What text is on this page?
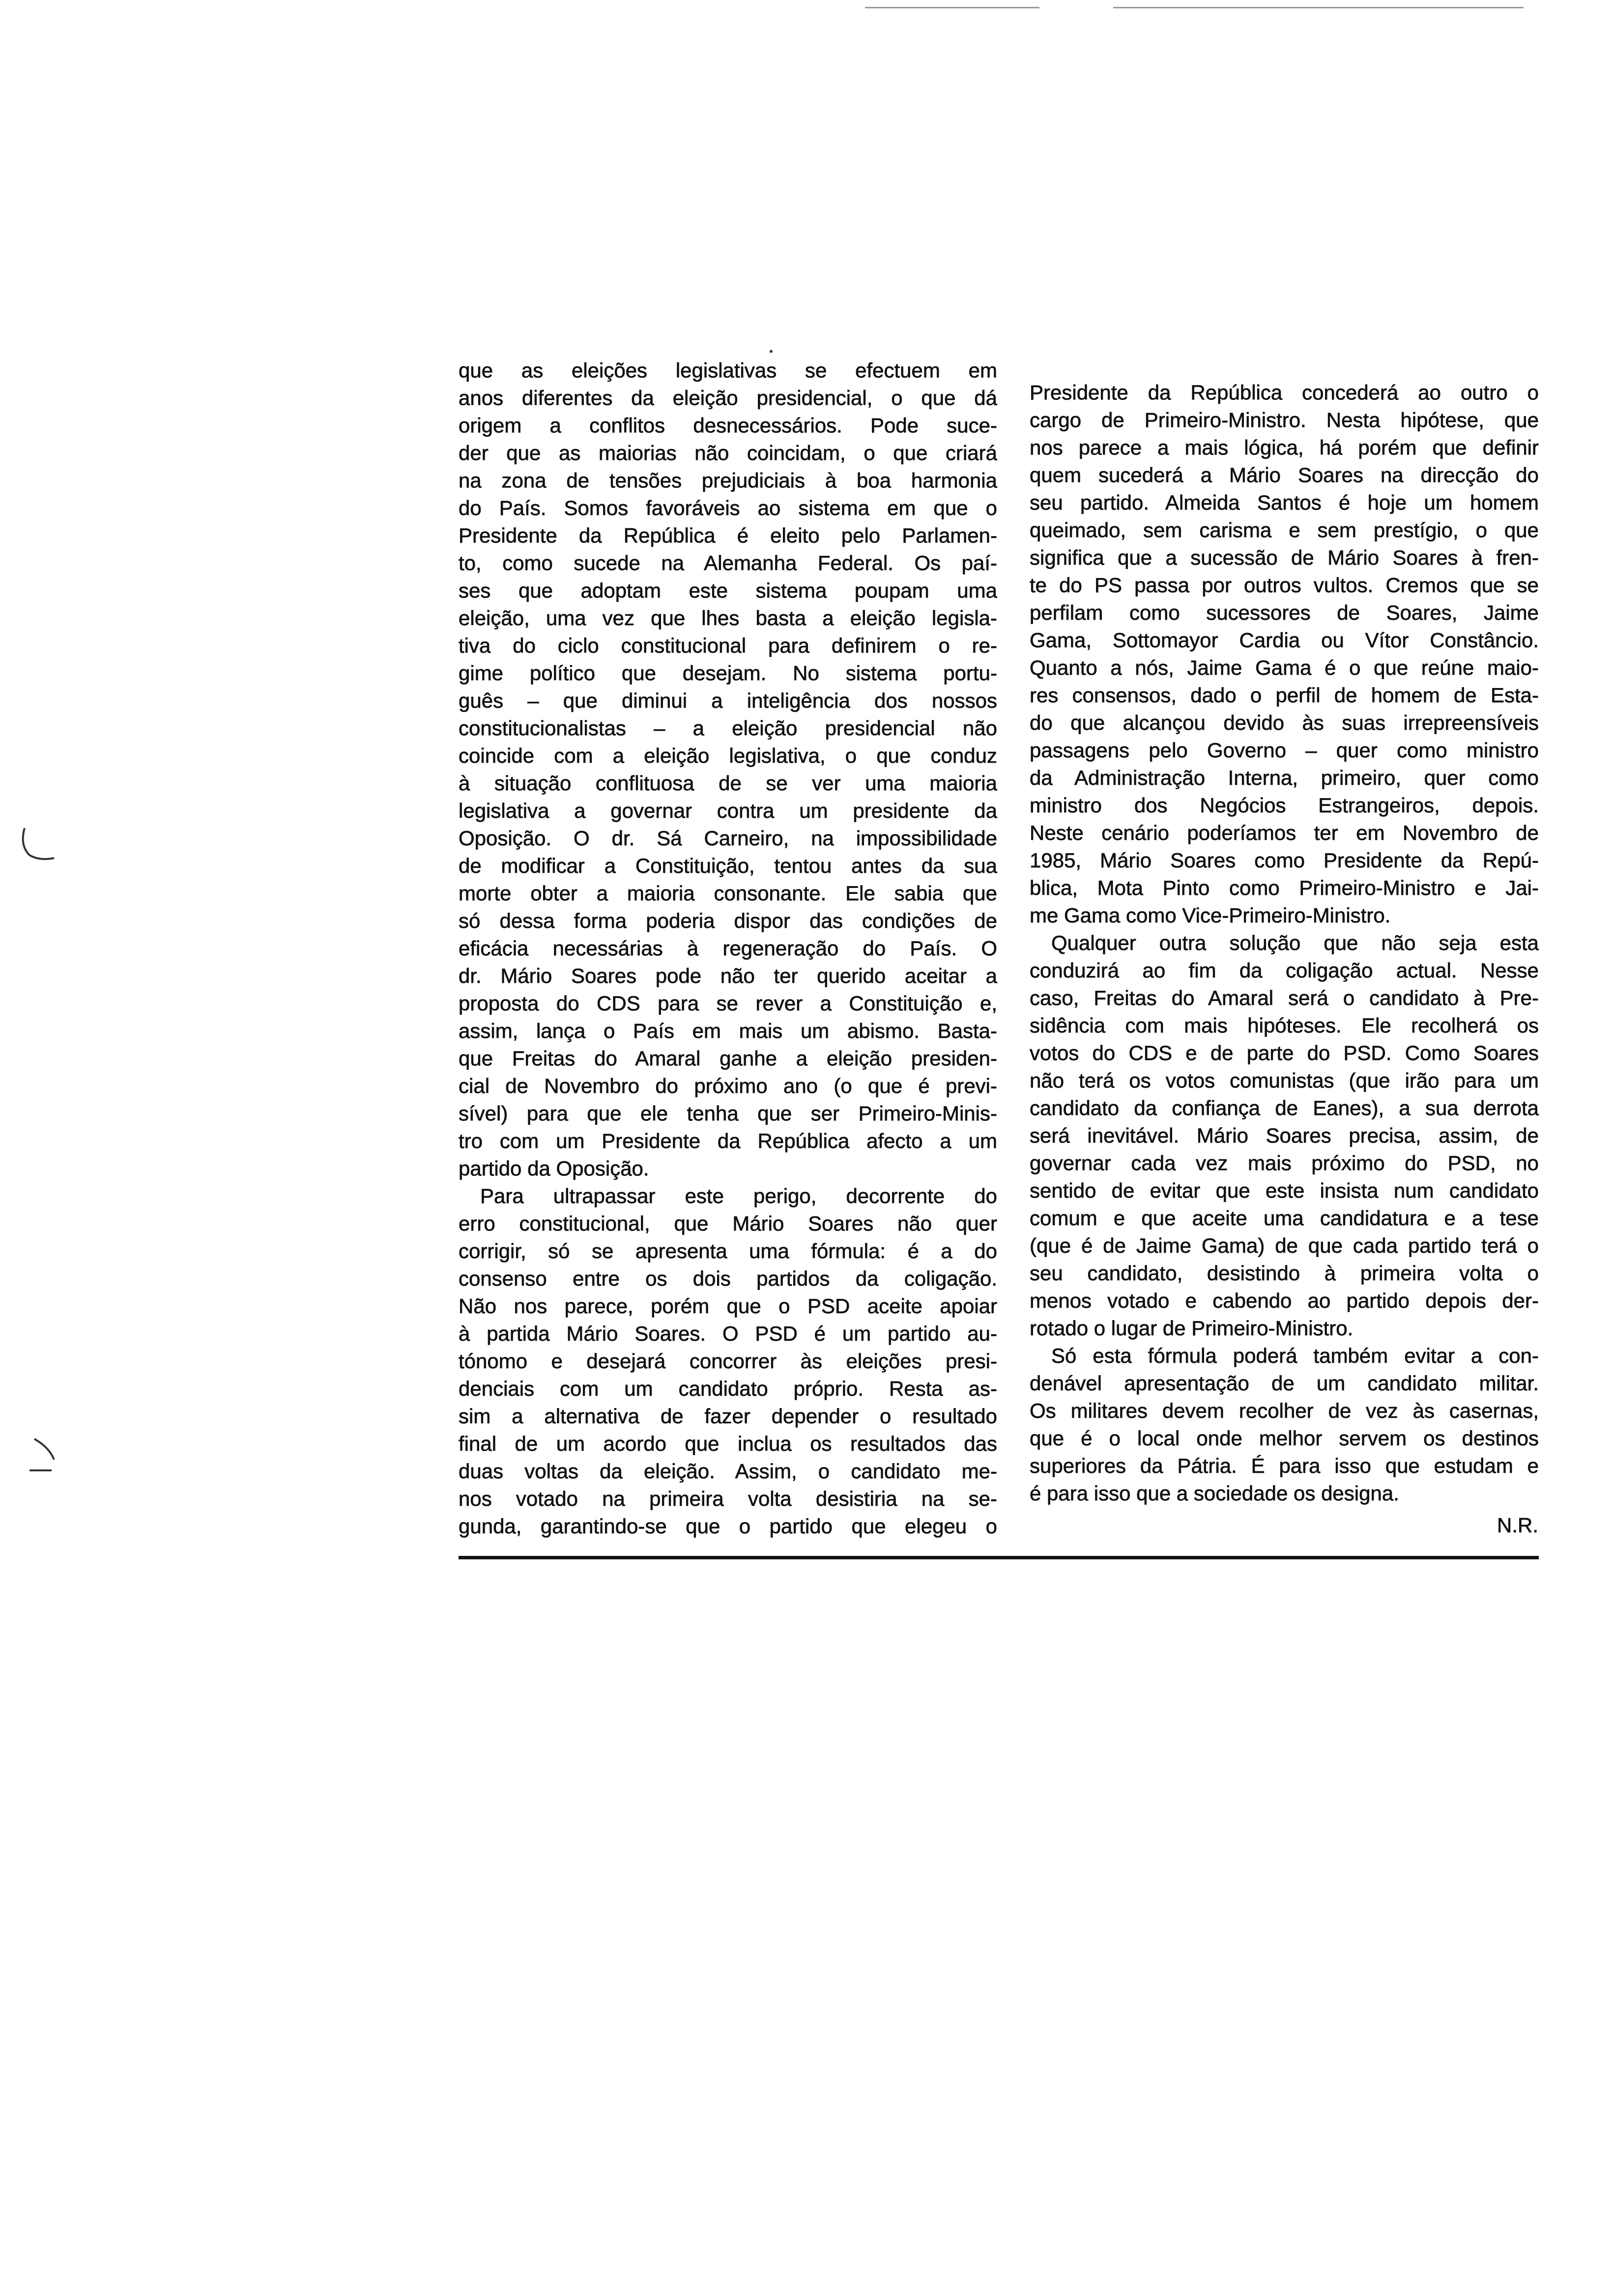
que as eleições legislativas se efectuem em
anos diferentes da eleição presidencial, o que dá
origem a conflitos desnecessários. Pode suce-
der que as maiorias não coincidam, o que criará
na zona de tensões prejudiciais à boa harmonia
do País. Somos favoráveis ao sistema em que o
Presidente da República é eleito pelo Parlamen-
to, como sucede na Alemanha Federal. Os paí-
ses que adoptam este sistema poupam uma
eleição, uma vez que lhes basta a eleição legisla-
tiva do ciclo constitucional para definirem o re-
gime político que desejam. No sistema portu-
guês – que diminui a inteligência dos nossos
constitucionalistas – a eleição presidencial não
coincide com a eleição legislativa, o que conduz
à situação conflituosa de se ver uma maioria
legislativa a governar contra um presidente da
Oposição. O dr. Sá Carneiro, na impossibilidade
de modificar a Constituição, tentou antes da sua
morte obter a maioria consonante. Ele sabia que
só dessa forma poderia dispor das condições de
eficácia necessárias à regeneração do País. O
dr. Mário Soares pode não ter querido aceitar a
proposta do CDS para se rever a Constituição e,
assim, lança o País em mais um abismo. Basta-
que Freitas do Amaral ganhe a eleição presiden-
cial de Novembro do próximo ano (o que é previ-
sível) para que ele tenha que ser Primeiro-Minis-
tro com um Presidente da República afecto a um
partido da Oposição.
Para ultrapassar este perigo, decorrente do
erro constitucional, que Mário Soares não quer
corrigir, só se apresenta uma fórmula: é a do
consenso entre os dois partidos da coligação.
Não nos parece, porém que o PSD aceite apoiar
à partida Mário Soares. O PSD é um partido au-
tónomo e desejará concorrer às eleições presi-
denciais com um candidato próprio. Resta as-
sim a alternativa de fazer depender o resultado
final de um acordo que inclua os resultados das
duas voltas da eleição. Assim, o candidato me-
nos votado na primeira volta desistiria na se-
gunda, garantindo-se que o partido que elegeu o
Presidente da República concederá ao outro o
cargo de Primeiro-Ministro. Nesta hipótese, que
nos parece a mais lógica, há porém que definir
quem sucederá a Mário Soares na direcção do
seu partido. Almeida Santos é hoje um homem
queimado, sem carisma e sem prestígio, o que
significa que a sucessão de Mário Soares à fren-
te do PS passa por outros vultos. Cremos que se
perfilam como sucessores de Soares, Jaime
Gama, Sottomayor Cardia ou Vítor Constâncio.
Quanto a nós, Jaime Gama é o que reúne maio-
res consensos, dado o perfil de homem de Esta-
do que alcançou devido às suas irrepreensíveis
passagens pelo Governo – quer como ministro
da Administração Interna, primeiro, quer como
ministro dos Negócios Estrangeiros, depois.
Neste cenário poderíamos ter em Novembro de
1985, Mário Soares como Presidente da Repú-
blica, Mota Pinto como Primeiro-Ministro e Jai-
me Gama como Vice-Primeiro-Ministro.
Qualquer outra solução que não seja esta
conduzirá ao fim da coligação actual. Nesse
caso, Freitas do Amaral será o candidato à Pre-
sidência com mais hipóteses. Ele recolherá os
votos do CDS e de parte do PSD. Como Soares
não terá os votos comunistas (que irão para um
candidato da confiança de Eanes), a sua derrota
será inevitável. Mário Soares precisa, assim, de
governar cada vez mais próximo do PSD, no
sentido de evitar que este insista num candidato
comum e que aceite uma candidatura e a tese
(que é de Jaime Gama) de que cada partido terá o
seu candidato, desistindo à primeira volta o
menos votado e cabendo ao partido depois der-
rotado o lugar de Primeiro-Ministro.
Só esta fórmula poderá também evitar a con-
denável apresentação de um candidato militar.
Os militares devem recolher de vez às casernas,
que é o local onde melhor servem os destinos
superiores da Pátria. É para isso que estudam e
é para isso que a sociedade os designa.
N.R.
